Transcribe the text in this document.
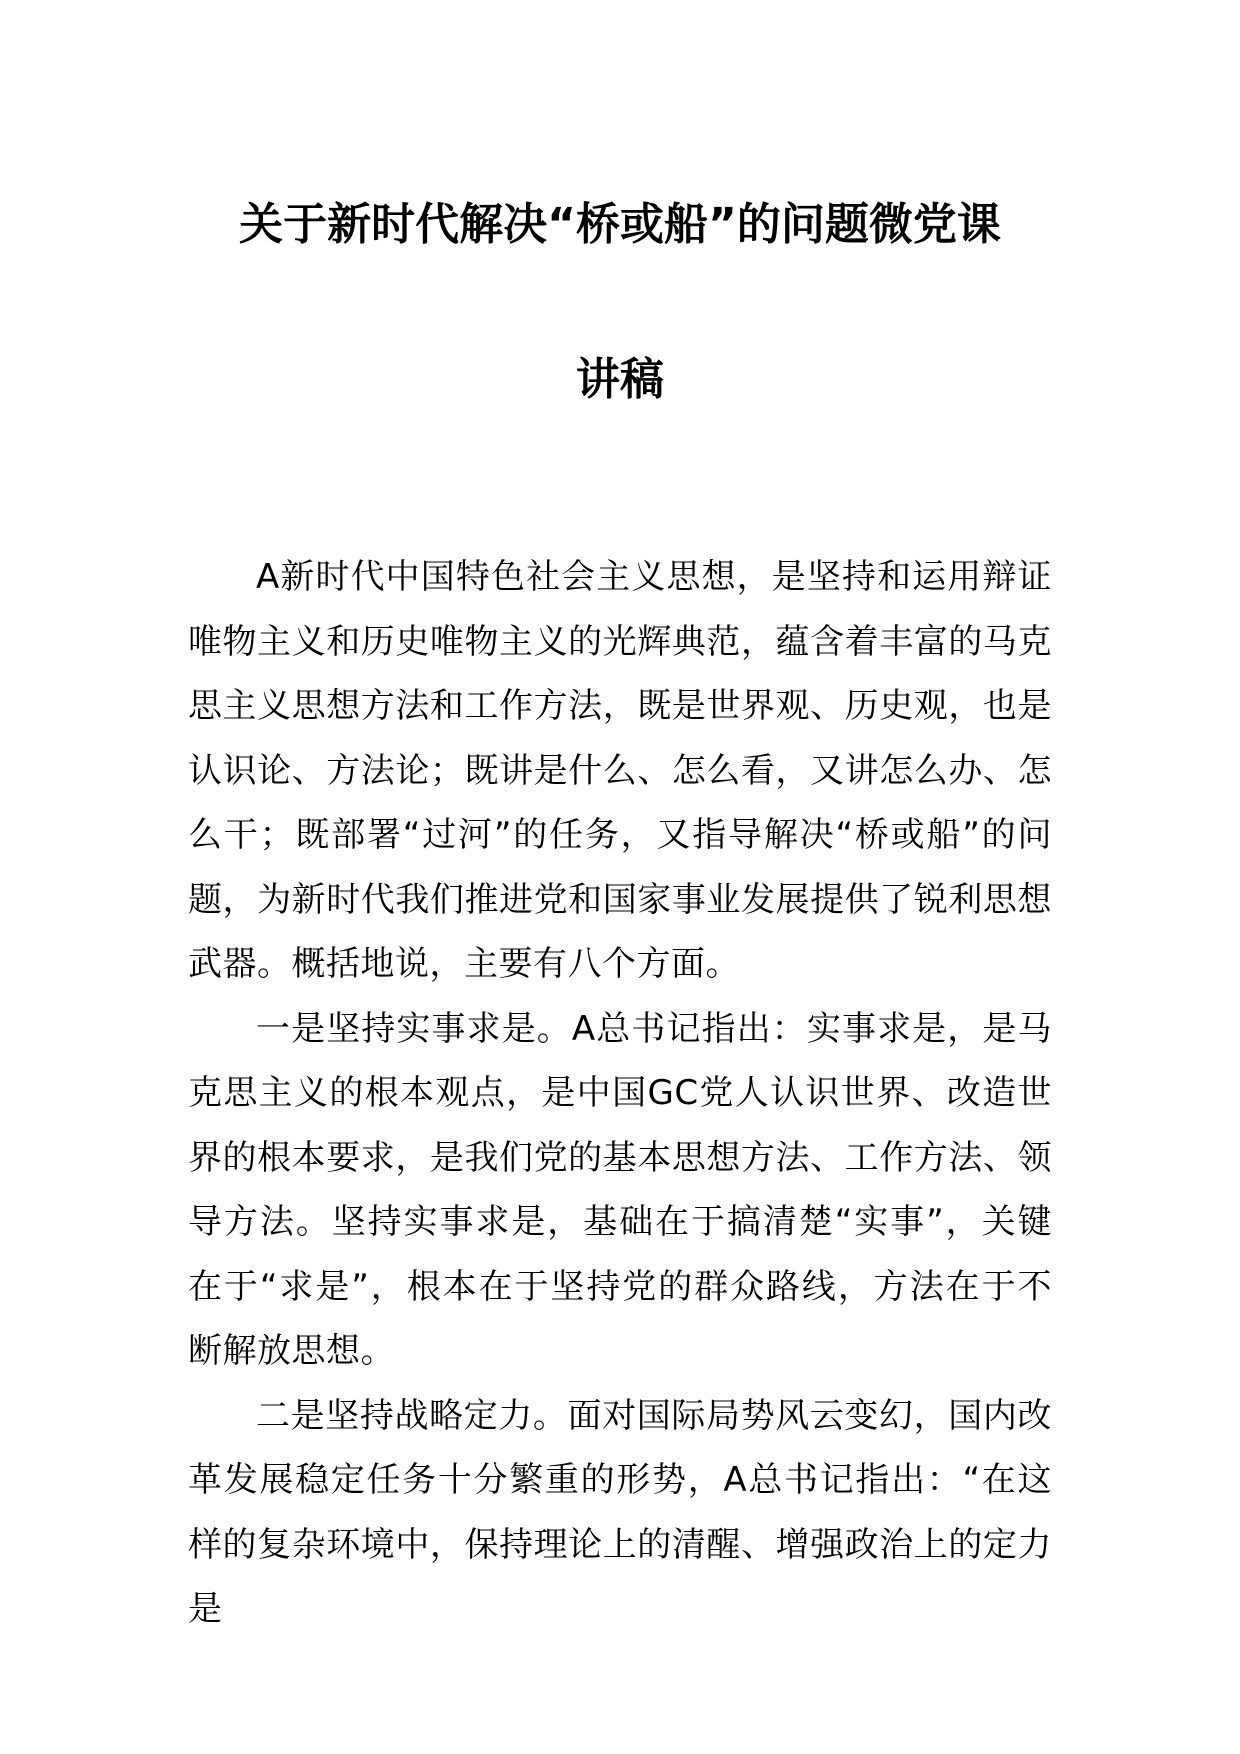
关于新时代解决“桥或船”的问题微党课
讲稿

A新时代中国特色社会主义思想，是坚持和运用辩证唯物主义和历史唯物主义的光辉典范，蕴含着丰富的马克思主义思想方法和工作方法，既是世界观、历史观，也是认识论、方法论；既讲是什么、怎么看，又讲怎么办、怎么干；既部署“过河”的任务，又指导解决“桥或船”的问题，为新时代我们推进党和国家事业发展提供了锐利思想武器。概括地说，主要有八个方面。

一是坚持实事求是。A总书记指出：实事求是，是马克思主义的根本观点，是中国GC党人认识世界、改造世界的根本要求，是我们党的基本思想方法、工作方法、领导方法。坚持实事求是，基础在于搞清楚“实事”，关键在于“求是”，根本在于坚持党的群众路线，方法在于不断解放思想。

二是坚持战略定力。面对国际局势风云变幻，国内改革发展稳定任务十分繁重的形势，A总书记指出：“在这样的复杂环境中，保持理论上的清醒、增强政治上的定力是
